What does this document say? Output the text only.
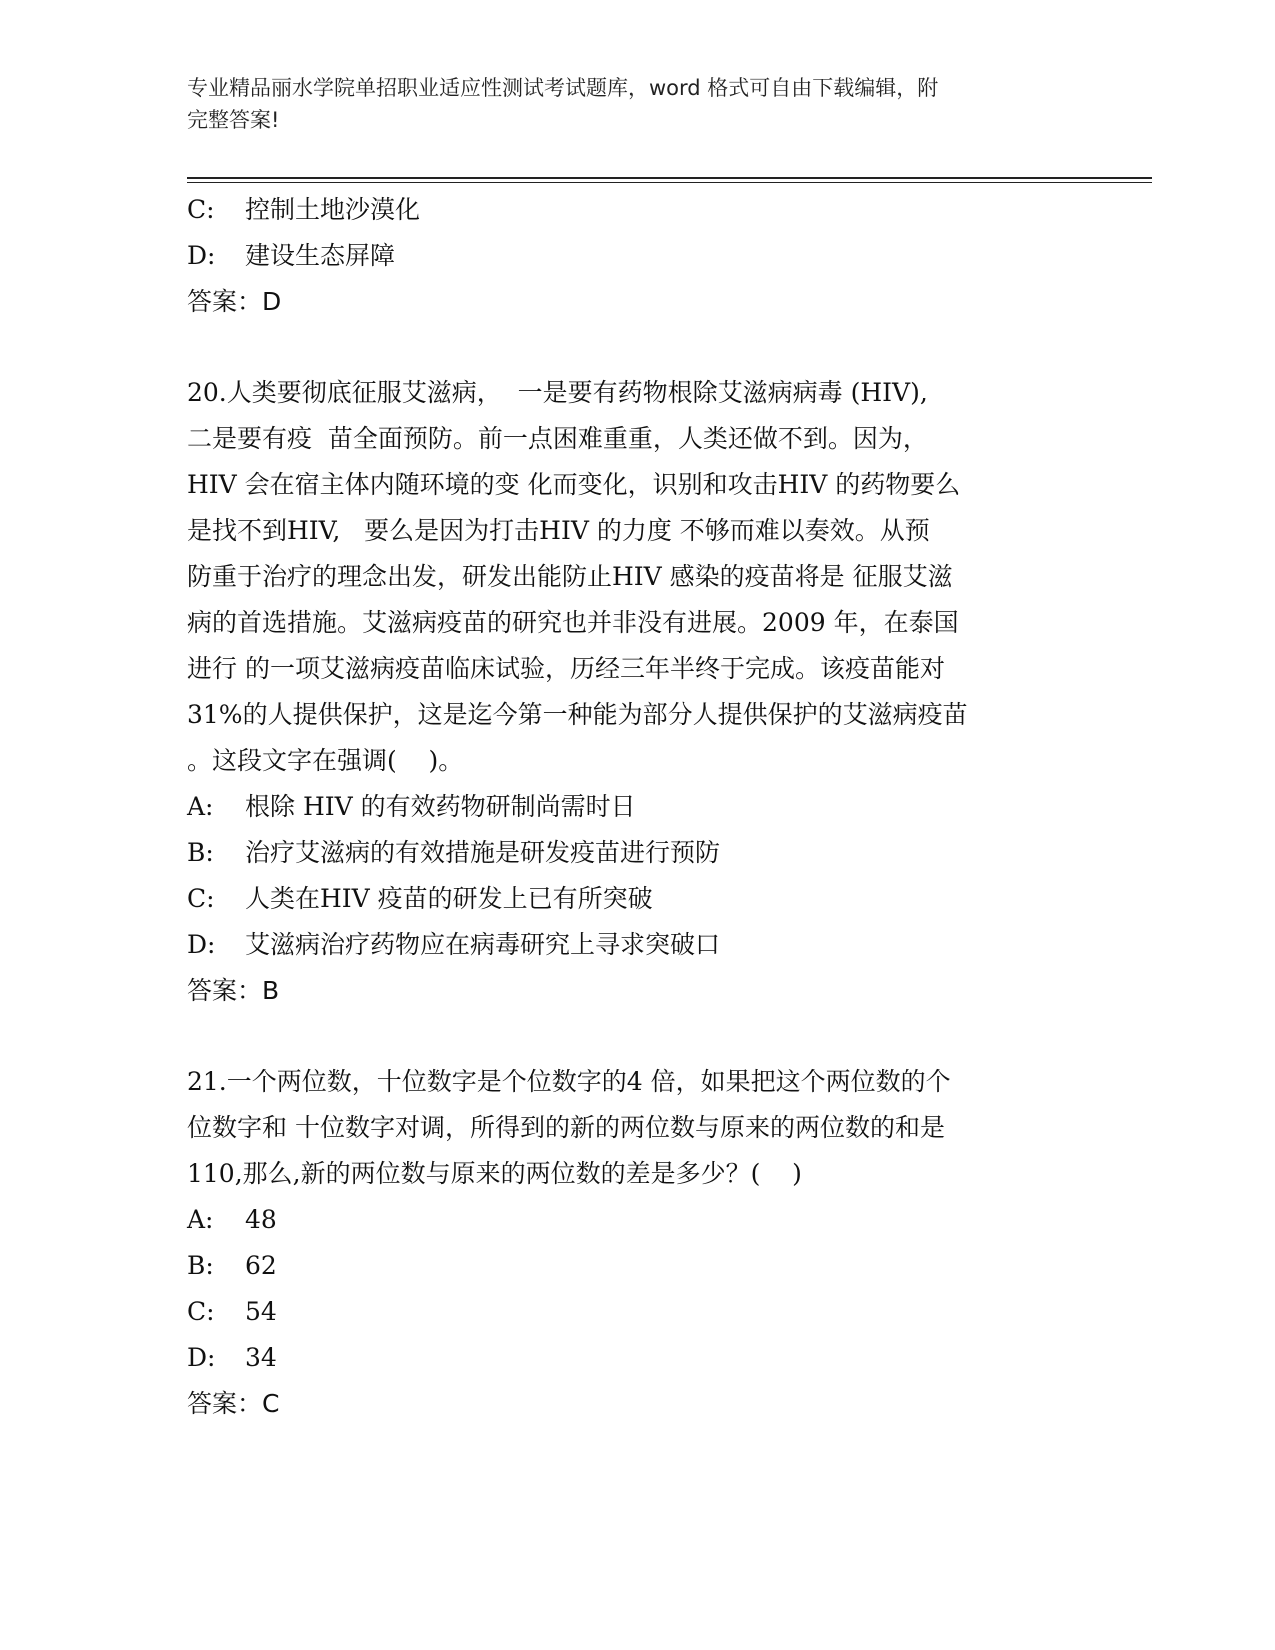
专业精品丽水学院单招职业适应性测试考试题库，word 格式可自由下载编辑，附
完整答案!
C: 控制土地沙漠化
D: 建设生态屏障
答案：D
20.人类要彻底征服艾滋病，  一是要有药物根除艾滋病病毒 (HIV),
二是要有疫  苗全面预防。前一点困难重重，人类还做不到。因为，
HIV 会在宿主体内随环境的变 化而变化，识别和攻击HIV 的药物要么
是找不到HIV,   要么是因为打击HIV 的力度 不够而难以奏效。从预
防重于治疗的理念出发，研发出能防止HIV 感染的疫苗将是 征服艾滋
病的首选措施。艾滋病疫苗的研究也并非没有进展。2009 年，在泰国
进行 的一项艾滋病疫苗临床试验，历经三年半终于完成。该疫苗能对
31%的人提供保护，这是迄今第一种能为部分人提供保护的艾滋病疫苗
。这段文字在强调(    )。
A: 根除 HIV 的有效药物研制尚需时日
B: 治疗艾滋病的有效措施是研发疫苗进行预防
C: 人类在HIV 疫苗的研发上已有所突破
D: 艾滋病治疗药物应在病毒研究上寻求突破口
答案：B
21.一个两位数，十位数字是个位数字的4 倍，如果把这个两位数的个
位数字和 十位数字对调，所得到的新的两位数与原来的两位数的和是
110,那么,新的两位数与原来的两位数的差是多少？(    )
A: 48
B: 62
C: 54
D: 34
答案：C
